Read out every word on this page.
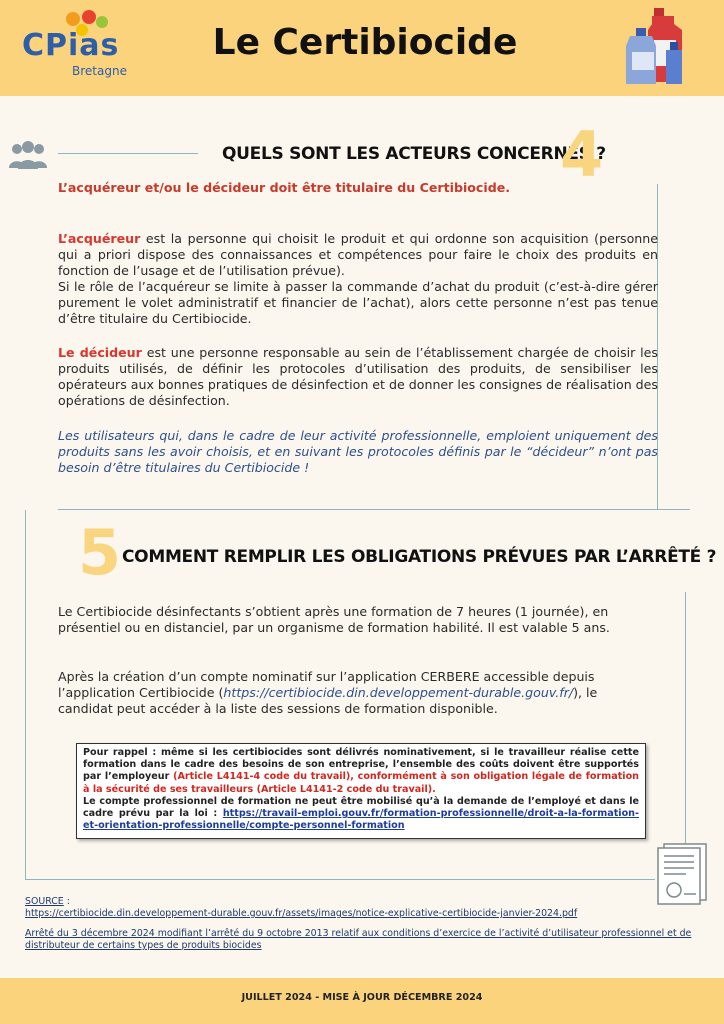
CPias
Bretagne
Le Certibiocide
QUELS SONT LES ACTEURS CONCERNÉS ?
4
L’acquéreur et/ou le décideur doit être titulaire du Certibiocide.
L’acquéreur est la personne qui choisit le produit et qui ordonne son acquisition (personne qui a priori dispose des connaissances et compétences pour faire le choix des produits en fonction de l’usage et de l’utilisation prévue).
Si le rôle de l’acquéreur se limite à passer la commande d’achat du produit (c’est-à-dire gérer purement le volet administratif et financier de l’achat), alors cette personne n’est pas tenue d’être titulaire du Certibiocide.
Le décideur est une personne responsable au sein de l’établissement chargée de choisir les produits utilisés, de définir les protocoles d’utilisation des produits, de sensibiliser les opérateurs aux bonnes pratiques de désinfection et de donner les consignes de réalisation des opérations de désinfection.
Les utilisateurs qui, dans le cadre de leur activité professionnelle, emploient uniquement des produits sans les avoir choisis, et en suivant les protocoles définis par le “décideur” n’ont pas besoin d’être titulaires du Certibiocide !
5 COMMENT REMPLIR LES OBLIGATIONS PRÉVUES PAR L’ARRÊTÉ ?
Le Certibiocide désinfectants s’obtient après une formation de 7 heures (1 journée), en présentiel ou en distanciel, par un organisme de formation habilité. Il est valable 5 ans.
Après la création d’un compte nominatif sur l’application CERBERE accessible depuis l’application Certibiocide (https://certibiocide.din.developpement-durable.gouv.fr/), le candidat peut accéder à la liste des sessions de formation disponible.
Pour rappel : même si les certibiocides sont délivrés nominativement, si le travailleur réalise cette formation dans le cadre des besoins de son entreprise, l’ensemble des coûts doivent être supportés par l’employeur (Article L4141-4 code du travail), conformément à son obligation légale de formation à la sécurité de ses travailleurs (Article L4141-2 code du travail).
Le compte professionnel de formation ne peut être mobilisé qu’à la demande de l’employé et dans le cadre prévu par la loi : https://travail-emploi.gouv.fr/formation-professionnelle/droit-a-la-formation-et-orientation-professionnelle/compte-personnel-formation
SOURCE :
https://certibiocide.din.developpement-durable.gouv.fr/assets/images/notice-explicative-certibiocide-janvier-2024.pdf
Arrêté du 3 décembre 2024 modifiant l’arrêté du 9 octobre 2013 relatif aux conditions d’exercice de l’activité d’utilisateur professionnel et de distributeur de certains types de produits biocides
JUILLET 2024 - MISE À JOUR DÉCEMBRE 2024
